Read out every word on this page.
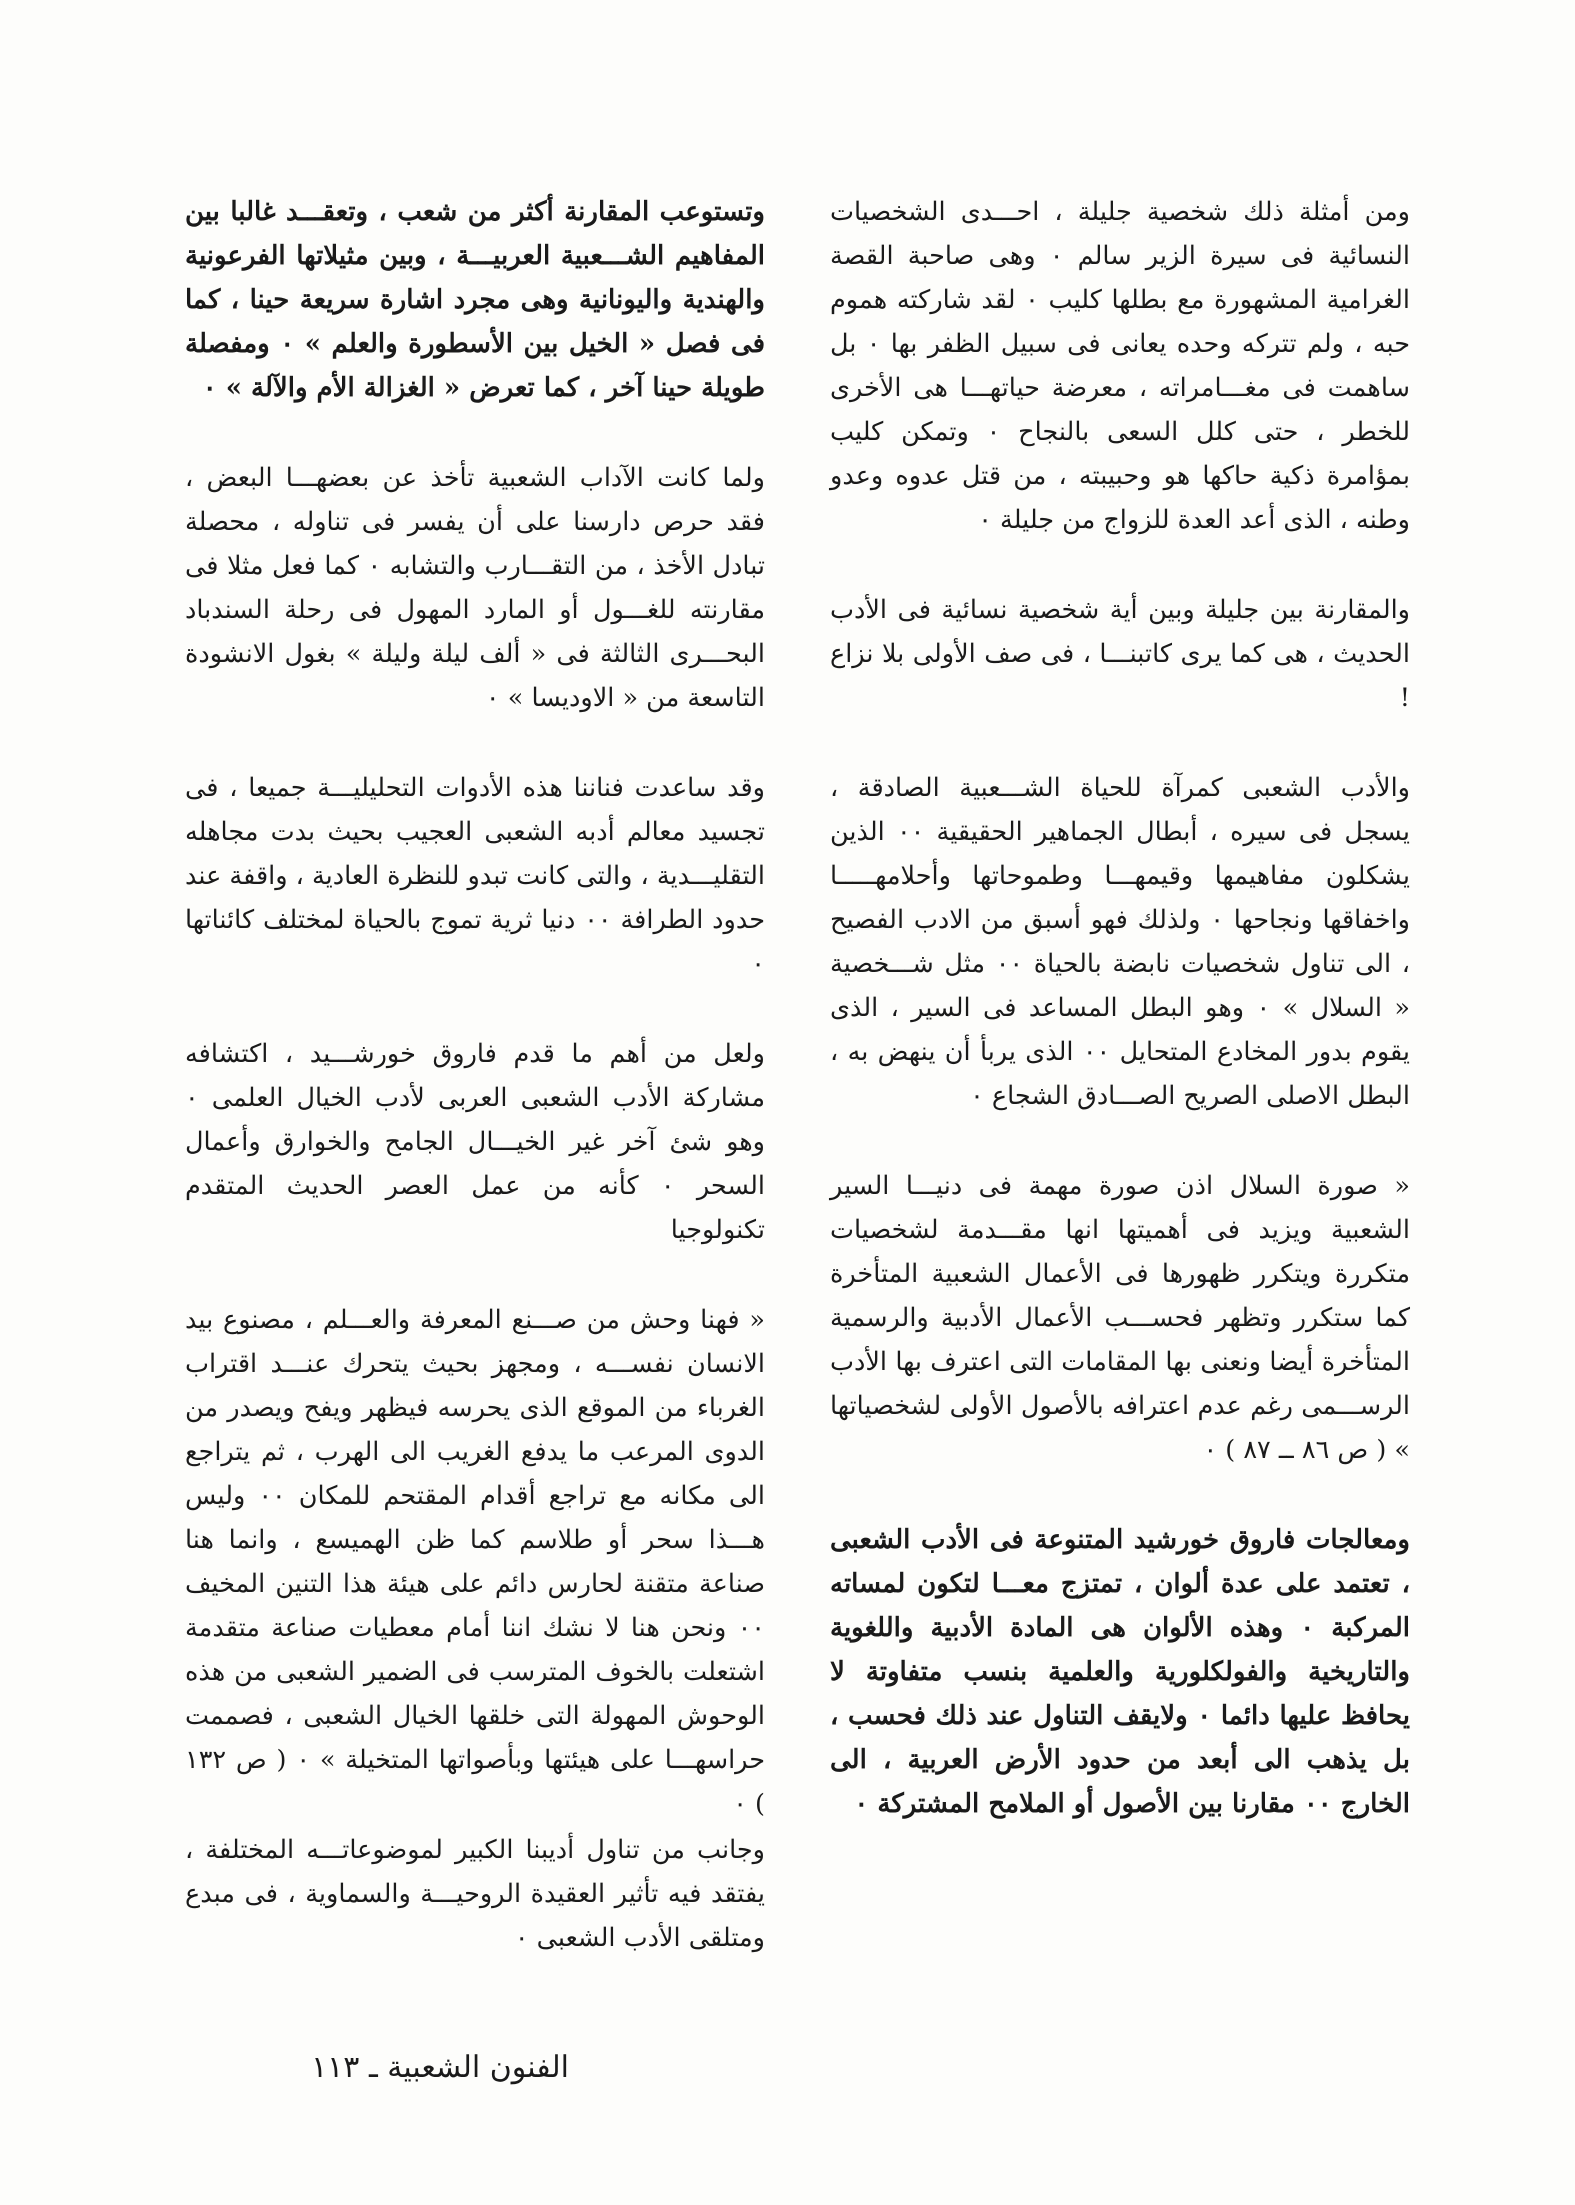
ومن أمثلة ذلك شخصية جليلة ، احـــدى الشخصيات النسائية فى سيرة الزير سالم ٠ وهى صاحبة القصة الغرامية المشهورة مع بطلها كليب ٠ لقد شاركته هموم حبه ، ولم تتركه وحده يعانى فى سبيل الظفر بها ٠ بل ساهمت فى مغـــامراته ، معرضة حياتهـــا هى الأخرى للخطر ، حتى كلل السعى بالنجاح ٠ وتمكن كليب بمؤامرة ذكية حاكها هو وحبيبته ، من قتل عدوه وعدو وطنه ، الذى أعد العدة للزواج من جليلة ٠

والمقارنة بين جليلة وبين أية شخصية نسائية فى الأدب الحديث ، هى كما يرى كاتبنـــا ، فى صف الأولى بلا نزاع !

والأدب الشعبى كمرآة للحياة الشـــعبية الصادقة ، يسجل فى سيره ، أبطال الجماهير الحقيقية ٠٠ الذين يشكلون مفاهيمها وقيمهـــا وطموحاتها وأحلامهـــــا واخفاقها ونجاحها ٠ ولذلك فهو أسبق من الادب الفصيح ، الى تناول شخصيات نابضة بالحياة ٠٠ مثل شـــخصية « السلال » ٠ وهو البطل المساعد فى السير ، الذى يقوم بدور المخادع المتحايل ٠٠ الذى يربأ أن ينهض به ، البطل الاصلى الصريح الصـــادق الشجاع ٠

« صورة السلال اذن صورة مهمة فى دنيـــا السير الشعبية ويزيد فى أهميتها انها مقـــدمة لشخصيات متكررة ويتكرر ظهورها فى الأعمال الشعبية المتأخرة كما ستكرر وتظهر فحســـب الأعمال الأدبية والرسمية المتأخرة أيضا ونعنى بها المقامات التى اعترف بها الأدب الرســـمى رغم عدم اعترافه بالأصول الأولى لشخصياتها » ( ص ٨٦ ــ ٨٧ ) ٠

ومعالجات فاروق خورشيد المتنوعة فى الأدب الشعبى ، تعتمد على عدة ألوان ، تمتزج معـــا لتكون لمساته المركبة ٠ وهذه الألوان هى المادة الأدبية واللغوية والتاريخية والفولكلورية والعلمية بنسب متفاوتة لا يحافظ عليها دائما ٠ ولايقف التناول عند ذلك فحسب ، بل يذهب الى أبعد من حدود الأرض العربية ، الى الخارج ٠٠ مقارنا بين الأصول أو الملامح المشتركة ٠

وتستوعب المقارنة أكثر من شعب ، وتعقـــد غالبا بين المفاهيم الشـــعبية العربيـــة ، وبين مثيلاتها الفرعونية والهندية واليونانية وهى مجرد اشارة سريعة حينا ، كما فى فصل « الخيل بين الأسطورة والعلم » ٠ ومفصلة طويلة حينا آخر ، كما تعرض « الغزالة الأم والآلة » ٠

ولما كانت الآداب الشعبية تأخذ عن بعضهـــا البعض ، فقد حرص دارسنا على أن يفسر فى تناوله ، محصلة تبادل الأخذ ، من التقـــارب والتشابه ٠ كما فعل مثلا فى مقارنته للغـــول أو المارد المهول فى رحلة السندباد البحـــرى الثالثة فى « ألف ليلة وليلة » بغول الانشودة التاسعة من « الاوديسا » ٠

وقد ساعدت فناننا هذه الأدوات التحليليـــة جميعا ، فى تجسيد معالم أدبه الشعبى العجيب بحيث بدت مجاهله التقليـــدية ، والتى كانت تبدو للنظرة العادية ، واقفة عند حدود الطرافة ٠٠ دنيا ثرية تموج بالحياة لمختلف كائناتها ٠

ولعل من أهم ما قدم فاروق خورشـــيد ، اكتشافه مشاركة الأدب الشعبى العربى لأدب الخيال العلمى ٠ وهو شئ آخر غير الخيـــال الجامح والخوارق وأعمال السحر ٠ كأنه من عمل العصر الحديث المتقدم تكنولوجيا

« فهنا وحش من صـــنع المعرفة والعـــلم ، مصنوع بيد الانسان نفســـه ، ومجهز بحيث يتحرك عنـــد اقتراب الغرباء من الموقع الذى يحرسه فيظهر ويفح ويصدر من الدوى المرعب ما يدفع الغريب الى الهرب ، ثم يتراجع الى مكانه مع تراجع أقدام المقتحم للمكان ٠٠ وليس هـــذا سحر أو طلاسم كما ظن الهميسع ، وانما هنا صناعة متقنة لحارس دائم على هيئة هذا التنين المخيف ٠٠ ونحن هنا لا نشك اننا أمام معطيات صناعة متقدمة اشتعلت بالخوف المترسب فى الضمير الشعبى من هذه الوحوش المهولة التى خلقها الخيال الشعبى ، فصممت حراسهـــا على هيئتها وبأصواتها المتخيلة » ٠ ( ص ١٣٢ ) ٠

وجانب من تناول أديبنا الكبير لموضوعاتـــه المختلفة ، يفتقد فيه تأثير العقيدة الروحيـــة والسماوية ، فى مبدع ومتلقى الأدب الشعبى ٠

الفنون الشعبية ـ ١١٣
